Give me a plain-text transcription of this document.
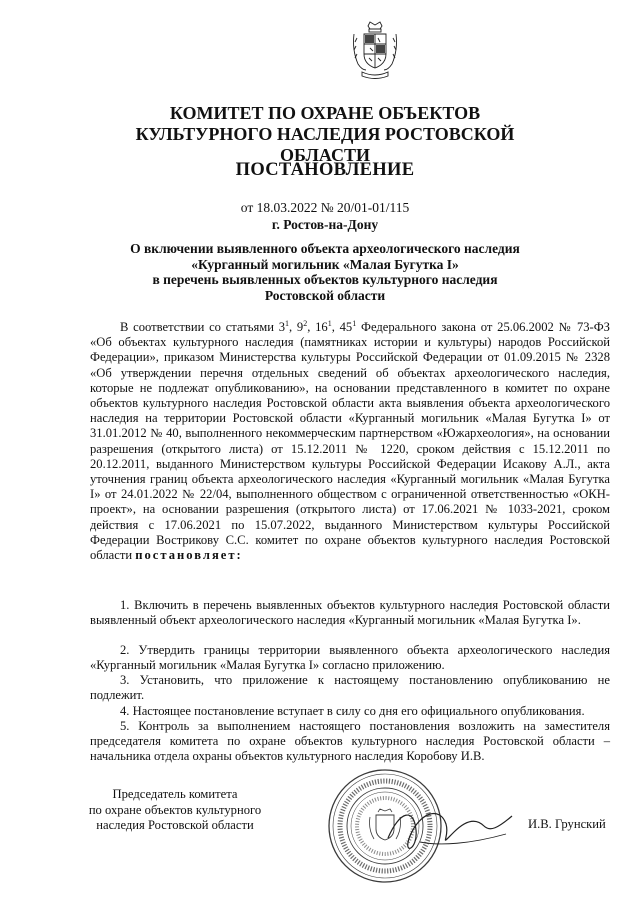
КОМИТЕТ ПО ОХРАНЕ ОБЪЕКТОВ КУЛЬТУРНОГО НАСЛЕДИЯ РОСТОВСКОЙ ОБЛАСТИ
ПОСТАНОВЛЕНИЕ
от 18.03.2022 № 20/01-01/115
г. Ростов-на-Дону
О включении выявленного объекта археологического наследия
«Курганный могильник «Малая Бугутка I»
в перечень выявленных объектов культурного наследия
Ростовской области
В соответствии со статьями $3^1$, $9^2$, $16^1$, $45^1$ Федерального закона от 25.06.2002 № 73-ФЗ «Об объектах культурного наследия (памятниках истории и культуры) народов Российской Федерации», приказом Министерства культуры Российской Федерации от 01.09.2015 № 2328 «Об утверждении перечня отдельных сведений об объектах археологического наследия, которые не подлежат опубликованию», на основании представленного в комитет по охране объектов культурного наследия Ростовской области акта выявления объекта археологического наследия на территории Ростовской области «Курганный могильник «Малая Бугутка I» от 31.01.2012 № 40, выполненного некоммерческим партнерством «Южархеология», на основании разрешения (открытого листа) от 15.12.2011 № 1220, сроком действия с 15.12.2011 по 20.12.2011, выданного Министерством культуры Российской Федерации Исакову А.Л., акта уточнения границ объекта археологического наследия «Курганный могильник «Малая Бугутка I» от 24.01.2022 № 22/04, выполненного обществом с ограниченной ответственностью «ОКН-проект», на основании разрешения (открытого листа) от 17.06.2021 № 1033-2021, сроком действия с 17.06.2021 по 15.07.2022, выданного Министерством культуры Российской Федерации Вострикову С.С. комитет по охране объектов культурного наследия Ростовской области постановляет:
1. Включить в перечень выявленных объектов культурного наследия Ростовской области выявленный объект археологического наследия «Курганный могильник «Малая Бугутка I».
2. Утвердить границы территории выявленного объекта археологического наследия «Курганный могильник «Малая Бугутка I» согласно приложению.
3. Установить, что приложение к настоящему постановлению опубликованию не подлежит.
4. Настоящее постановление вступает в силу со дня его официального опубликования.
5. Контроль за выполнением настоящего постановления возложить на заместителя председателя комитета по охране объектов культурного наследия Ростовской области – начальника отдела охраны объектов культурного наследия Коробову И.В.
Председатель комитета
по охране объектов культурного
наследия Ростовской области	И.В. Грунский
